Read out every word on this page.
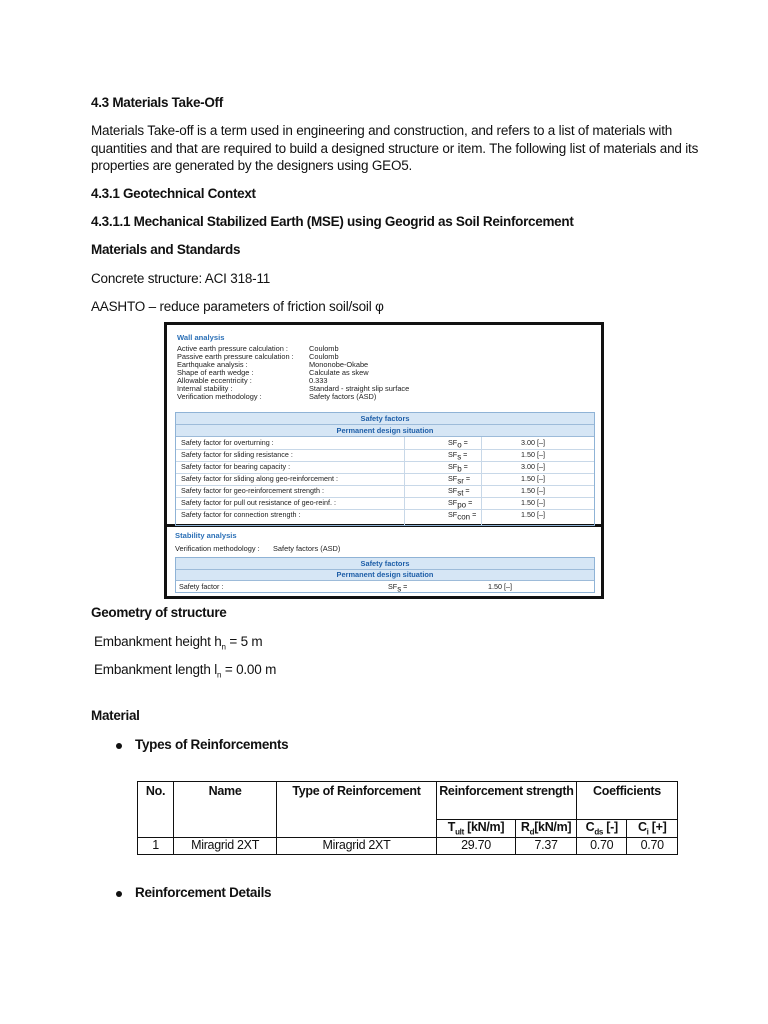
4.3 Materials Take-Off
Materials Take-off is a term used in engineering and construction, and refers to a list of materials with
quantities and that are required to build a designed structure or item. The following list of materials and its
properties are generated by the designers using GEO5.
4.3.1 Geotechnical Context
4.3.1.1 Mechanical Stabilized Earth (MSE) using Geogrid as Soil Reinforcement
Materials and Standards
Concrete structure: ACI 318-11
AASHTO – reduce parameters of friction soil/soil φ
Wall analysis
Active earth pressure calculation :	Coulomb
Passive earth pressure calculation : Coulomb
Earthquake analysis :	Mononobe-Okabe
Shape of earth wedge :	Calculate as skew
Allowable eccentricity :	0.333
Internal stability :	Standard - straight slip surface
Verification methodology :	Safety factors (ASD)
Safety factors
Permanent design situation
Safety factor for overturning :	$SF_o$ =	3.00 [–]
Safety factor for sliding resistance :	$SF_s$ =	1.50 [–]
Safety factor for bearing capacity :	$SF_b$ =	3.00 [–]
Safety factor for sliding along geo-reinforcement :	$SF_{sr}$ =	1.50 [–]
Safety factor for geo-reinforcement strength :	$SF_{st}$ =	1.50 [–]
Safety factor for pull out resistance of geo-reinf. :	$SF_{po}$ =	1.50 [–]
Safety factor for connection strength :	$SF_{con}$ =	1.50 [–]
Stability analysis
Verification methodology : Safety factors (ASD)
Safety factors
Permanent design situation
Safety factor :	$SF_s$ =	1.50 [–]
Geometry of structure
Embankment height $h_n = 5$ m
Embankment length $l_n = 0.00$ m
Material
Types of Reinforcements
No.	Name	Type of Reinforcement	Reinforcement strength		Coefficients	
			$T_{ult}$ [kN/m]	$R_d[kN/m]$	$C_{ds}$ [-]	$C_i$ [+]
1	Miragrid 2XT	Miragrid 2XT	29.70	7.37	0.70	0.70
Reinforcement Details
